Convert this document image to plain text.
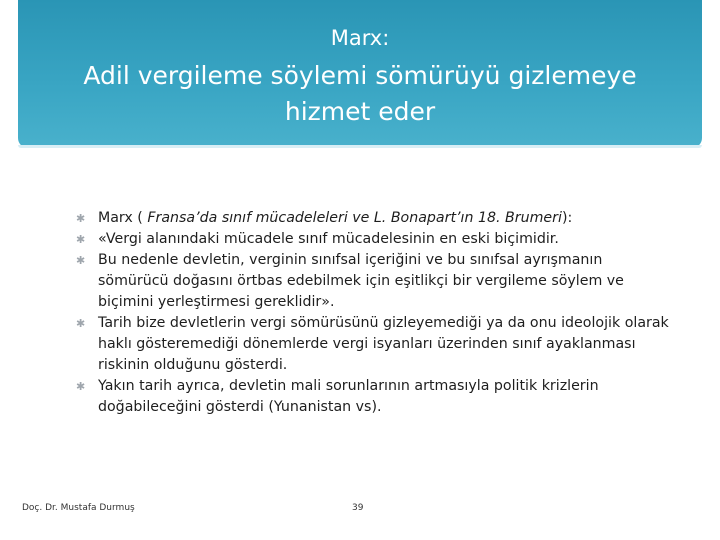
Marx:
Adil vergileme söylemi sömürüyü gizlemeye
hizmet eder
✱ Marx ( Fransa’da sınıf mücadeleleri ve L. Bonapart’ın 18. Brumeri):
✱ «Vergi alanındaki mücadele sınıf mücadelesinin en eski biçimidir.
✱ Bu nedenle devletin, verginin sınıfsal içeriğini ve bu sınıfsal ayrışmanın sömürücü doğasını örtbas edebilmek için eşitlikçi bir vergileme söylem ve biçimini yerleştirmesi gereklidir».
✱ Tarih bize devletlerin vergi sömürüsünü gizleyemediği ya da onu ideolojik olarak haklı gösteremediği dönemlerde vergi isyanları üzerinden sınıf ayaklanması riskinin olduğunu gösterdi.
✱ Yakın tarih ayrıca, devletin mali sorunlarının artmasıyla politik krizlerin doğabileceğini gösterdi (Yunanistan vs).
Doç. Dr. Mustafa Durmuş	39
